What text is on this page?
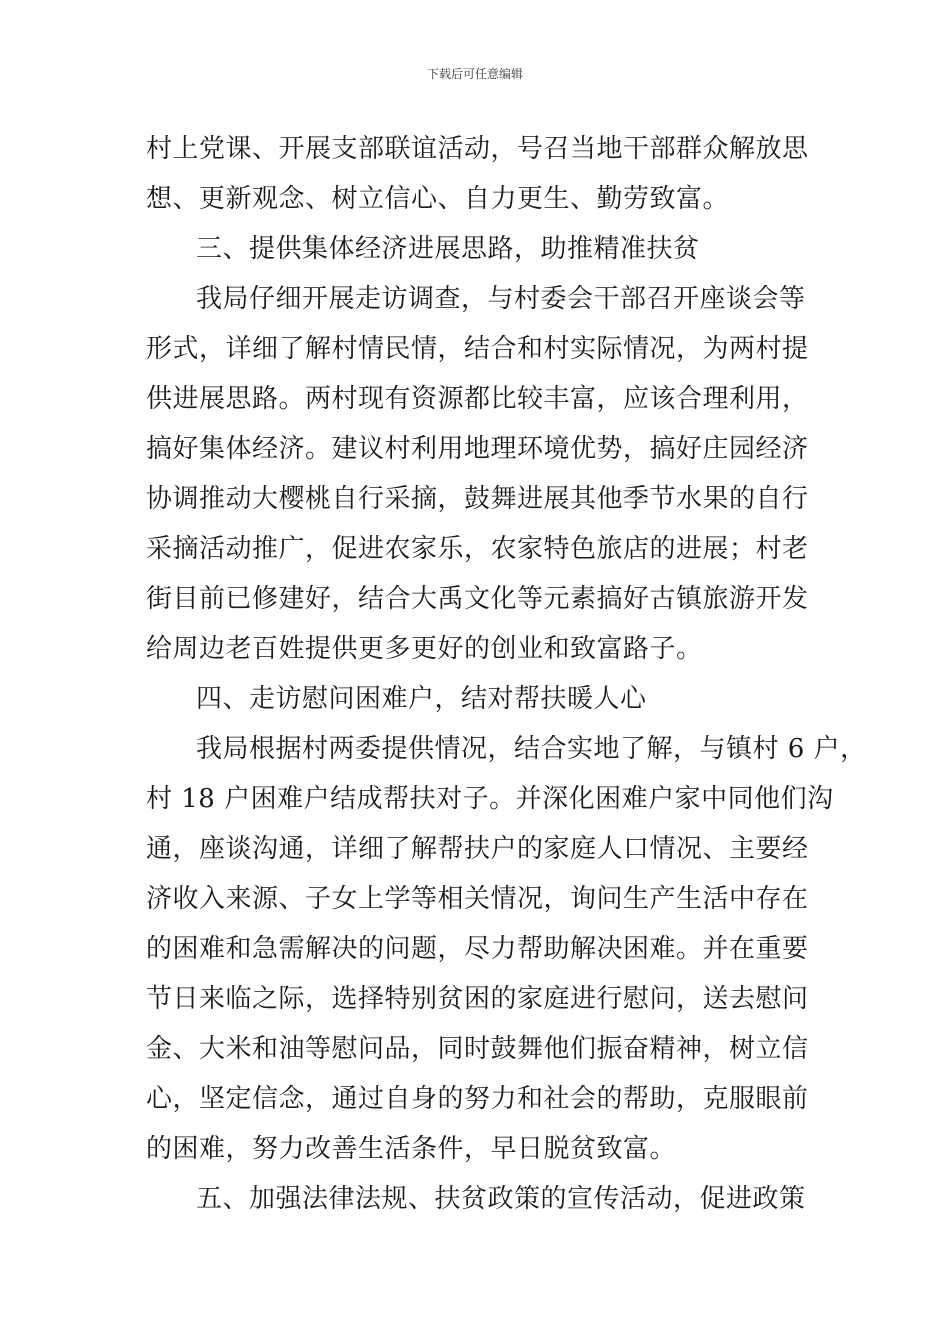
下载后可任意编辑
村上党课、开展支部联谊活动，号召当地干部群众解放思
想、更新观念、树立信心、自力更生、勤劳致富。
三、提供集体经济进展思路，助推精准扶贫
我局仔细开展走访调查，与村委会干部召开座谈会等
形式，详细了解村情民情，结合和村实际情况，为两村提
供进展思路。两村现有资源都比较丰富，应该合理利用，
搞好集体经济。建议村利用地理环境优势，搞好庄园经济
协调推动大樱桃自行采摘，鼓舞进展其他季节水果的自行
采摘活动推广，促进农家乐，农家特色旅店的进展；村老
街目前已修建好，结合大禹文化等元素搞好古镇旅游开发
给周边老百姓提供更多更好的创业和致富路子。
四、走访慰问困难户，结对帮扶暖人心
我局根据村两委提供情况，结合实地了解，与镇村 6 户，
村 18 户困难户结成帮扶对子。并深化困难户家中同他们沟
通，座谈沟通，详细了解帮扶户的家庭人口情况、主要经
济收入来源、子女上学等相关情况，询问生产生活中存在
的困难和急需解决的问题，尽力帮助解决困难。并在重要
节日来临之际，选择特别贫困的家庭进行慰问，送去慰问
金、大米和油等慰问品，同时鼓舞他们振奋精神，树立信
心，坚定信念，通过自身的努力和社会的帮助，克服眼前
的困难，努力改善生活条件，早日脱贫致富。
五、加强法律法规、扶贫政策的宣传活动，促进政策
